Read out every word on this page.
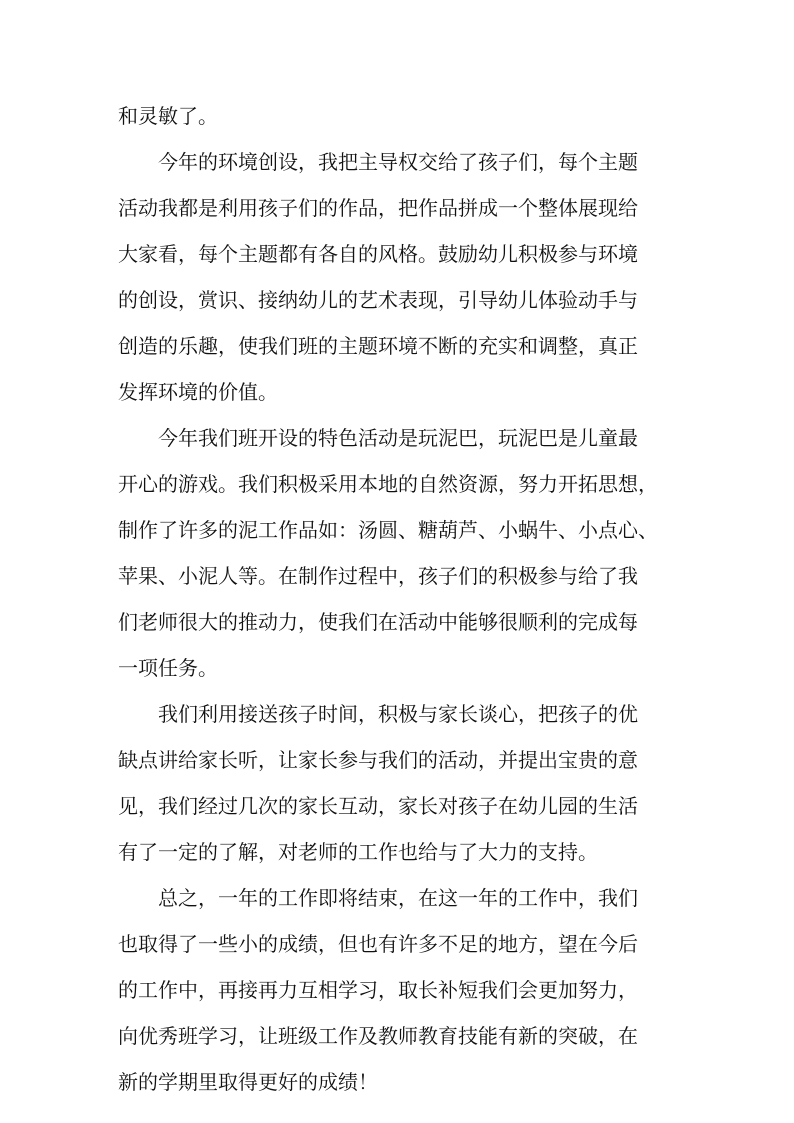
和灵敏了。
　　今年的环境创设，我把主导权交给了孩子们，每个主题
活动我都是利用孩子们的作品，把作品拼成一个整体展现给
大家看，每个主题都有各自的风格。鼓励幼儿积极参与环境
的创设，赏识、接纳幼儿的艺术表现，引导幼儿体验动手与
创造的乐趣，使我们班的主题环境不断的充实和调整，真正
发挥环境的价值。
　　今年我们班开设的特色活动是玩泥巴，玩泥巴是儿童最
开心的游戏。我们积极采用本地的自然资源，努力开拓思想，
制作了许多的泥工作品如：汤圆、糖葫芦、小蜗牛、小点心、
苹果、小泥人等。在制作过程中，孩子们的积极参与给了我
们老师很大的推动力，使我们在活动中能够很顺利的完成每
一项任务。
　　我们利用接送孩子时间，积极与家长谈心，把孩子的优
缺点讲给家长听，让家长参与我们的活动，并提出宝贵的意
见，我们经过几次的家长互动，家长对孩子在幼儿园的生活
有了一定的了解，对老师的工作也给与了大力的支持。
　　总之，一年的工作即将结束，在这一年的工作中，我们
也取得了一些小的成绩，但也有许多不足的地方，望在今后
的工作中，再接再力互相学习，取长补短我们会更加努力，
向优秀班学习，让班级工作及教师教育技能有新的突破，在
新的学期里取得更好的成绩！
